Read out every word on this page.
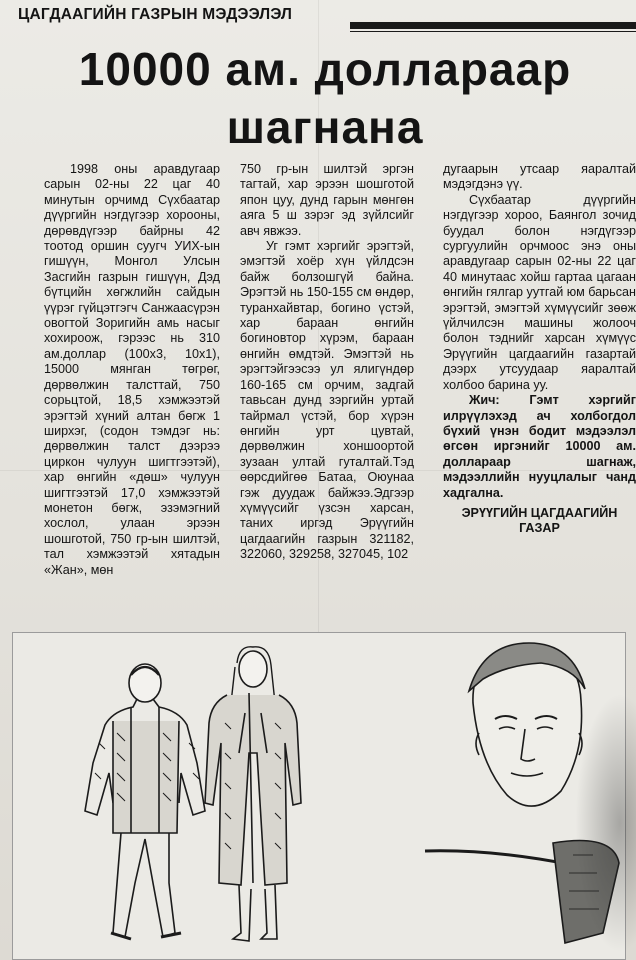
ЦАГДААГИЙН ГАЗРЫН МЭДЭЭЛЭЛ
10000 ам. доллараар
шагнана

1998 оны аравдугаар сарын 02-ны 22 цаг 40 минутын орчимд Сүхбаатар дүүргийн нэгдүгээр хорооны, дөрөвдүгээр байрны 42 тоотод оршин суугч УИХ-ын гишүүн, Монгол Улсын Засгийн газрын гишүүн, Дэд бүтцийн хөгжлийн сайдын үүрэг гүйцэтгэгч Санжаасүрэн овогтой Зоригийн амь насыг хохироож, гэрээс нь 310 ам.доллар (100х3, 10х1), 15000 мянган төгрөг, дөрвөлжин талсттай, 750 сорьцтой, 18,5 хэмжээтэй эрэгтэй хүний алтан бөгж 1 ширхэг, (содон тэмдэг нь: дөрвөлжин талст дээрээ циркон чулуун шигтгээтэй), хар өнгийн «дөш» чулуун шигтгээтэй 17,0 хэмжээтэй монетон бөгж, эзэмэгний хослол, улаан эрээн шошготой, 750 гр-ын шилтэй, тал хэмжээтэй хятадын «Жан», мөн

750 гр-ын шилтэй эргэн тагтай, хар эрээн шошготой япон цуу, дунд гарын мөнгөн аяга 5 ш зэрэг эд зүйлсийг авч явжээ.

Уг гэмт хэргийг эрэгтэй, эмэгтэй хоёр хүн үйлдсэн байж болзошгүй байна. Эрэгтэй нь 150-155 см өндөр, туранхайвтар, богино үстэй, хар бараан өнгийн богиновтор хүрэм, бараан өнгийн өмдтэй. Эмэгтэй нь эрэгтэйгээсээ ул ялигүндөр 160-165 см орчим, задгай тавьсан дунд зэргийн уртай тайрмал үстэй, бор хүрэн өнгийн урт цувтай, дөрвөлжин хоншоортой зузаан ултай гуталтай.Тэд өөрсдийгөө Батаа, Оюунаа гэж дуудаж байжээ.Эдгээр хүмүүсийг үзсэн харсан, таних иргэд Эрүүгийн цагдаагийн газрын 321182, 322060, 329258, 327045, 102

дугаарын утсаар яаралтай мэдэгдэнэ үү.

Сүхбаатар дүүргийн нэгдүгээр хороо, Баянгол зочид буудал болон нэгдүгээр сургуулийн орчмоос энэ оны аравдугаар сарын 02-ны 22 цаг 40 минутаас хойш гартаа цагаан өнгийн гялгар уутгай юм барьсан эрэгтэй, эмэгтэй хүмүүсийг зөөж үйлчилсэн машины жолооч болон тэднийг харсан хүмүүс Эрүүгийн цагдаагийн газартай дээрх утсуудаар яаралтай холбоо барина уу.

Жич: Гэмт хэргийг илрүүлэхэд ач холбогдол бүхий үнэн бодит мэдээлэл өгсөн иргэнийг 10000 ам. доллараар шагнаж, мэдээллийн нууцлалыг чанд хадгална.

ЭРҮҮГИЙН ЦАГДААГИЙН

ГАЗАР
